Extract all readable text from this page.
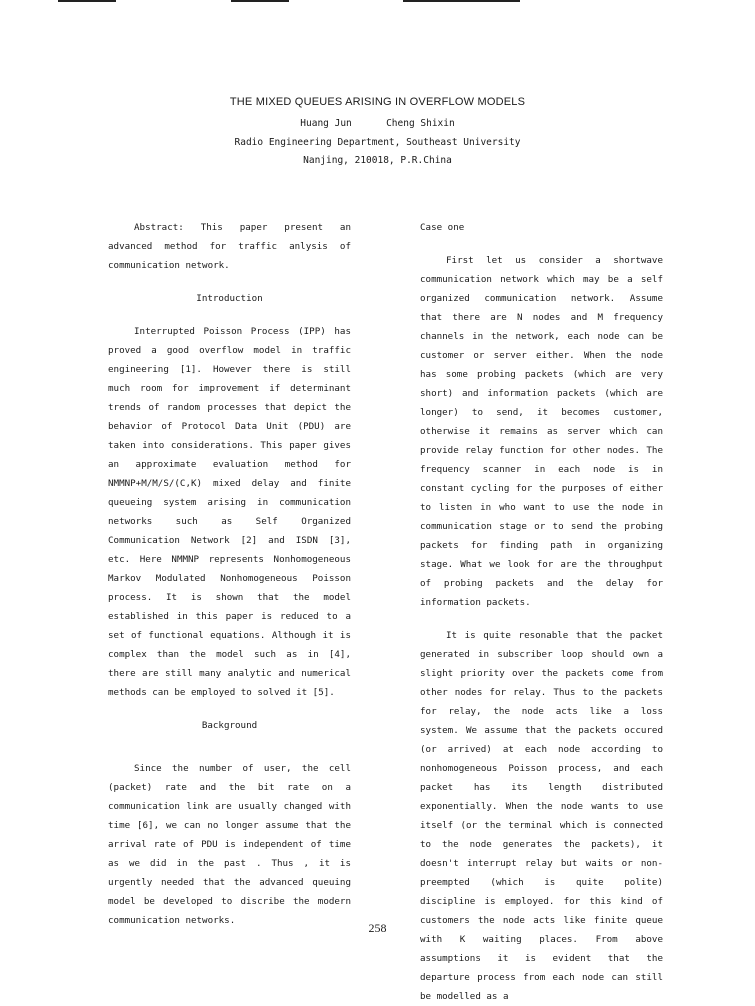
THE MIXED QUEUES ARISING IN OVERFLOW MODELS
Huang Jun      Cheng Shixin
Radio Engineering Department, Southeast University
Nanjing, 210018, P.R.China

Abstract: This paper present an advanced method for traffic anlysis of communication network.

Introduction

Interrupted Poisson Process (IPP) has proved a good overflow model in traffic engineering [1]. However there is still much room for improvement if determinant trends of random processes that depict the behavior of Protocol Data Unit (PDU) are taken into considerations. This paper gives an approximate evaluation method for NMMNP+M/M/S/(C,K) mixed delay and finite queueing system arising in communication networks such as Self Organized Communication Network [2] and ISDN [3], etc. Here NMMNP represents Nonhomogeneous Markov Modulated Nonhomogeneous Poisson process. It is shown that the model established in this paper is reduced to a set of functional equations. Although it is complex than the model such as in [4], there are still many analytic and numerical methods can be employed to solved it [5].

Background

Since the number of user, the cell (packet) rate and the bit rate on a communication link are usually changed with time [6], we can no longer assume that the arrival rate of PDU is independent of time as we did in the past . Thus , it is urgently needed that the advanced queuing model be developed to discribe the modern communication networks.

Case one

First let us consider a shortwave communication network which may be a self organized communication network. Assume that there are N nodes and M frequency channels in the network, each node can be customer or server either. When the node has some probing packets (which are very short) and information packets (which are longer) to send, it becomes customer, otherwise it remains as server which can provide relay function for other nodes. The frequency scanner in each node is in constant cycling for the purposes of either to listen in who want to use the node in communication stage or to send the probing packets for finding path in organizing stage. What we look for are the throughput of probing packets and the delay for information packets.

It is quite resonable that the packet generated in subscriber loop should own a slight priority over the packets come from other nodes for relay. Thus to the packets for relay, the node acts like a loss system. We assume that the packets occured (or arrived) at each node according to nonhomogeneous Poisson process, and each packet has its length distributed exponentially. When the node wants to use itself (or the terminal which is connected to the node generates the packets), it doesn't interrupt relay but waits or non-preempted (which is quite polite) discipline is employed. for this kind of customers the node acts like finite queue with K waiting places. From above assumptions it is evident that the departure process from each node can still be modelled as a

258
